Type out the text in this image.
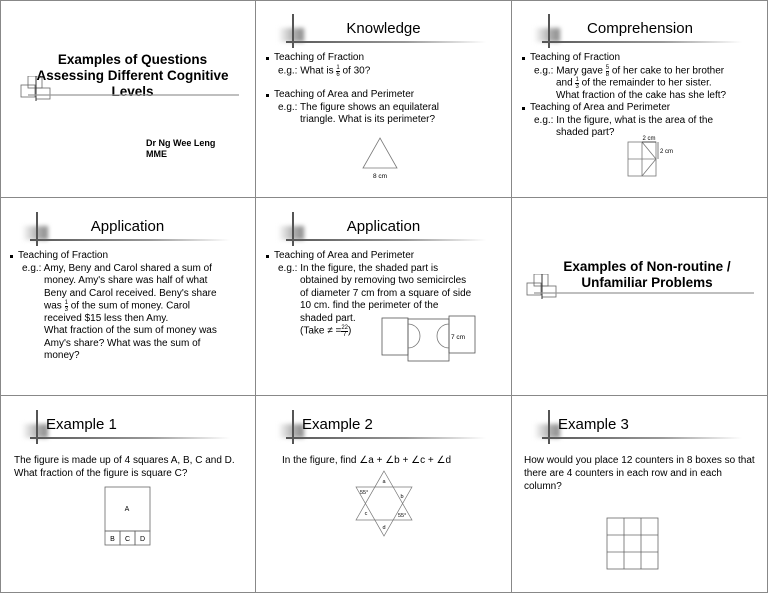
Examples of Questions
Assessing Different Cognitive
Levels
Dr Ng Wee Leng
MME
Knowledge
Teaching of Fraction
e.g.: What is $\frac{1}{6}$ of 30?
Teaching of Area and Perimeter
e.g.: The figure shows an equilateral
triangle. What is its perimeter?
8 cm
Comprehension
Teaching of Fraction
e.g.: Mary gave $\frac{5}{8}$ of her cake to her brother
and $\frac{1}{3}$ of the remainder to her sister.
What fraction of the cake has she left?
Teaching of Area and Perimeter
e.g.: In the figure, what is the area of the
shaded part?
2 cm
2 cm
Application
Teaching of Fraction
e.g.: Amy, Beny and Carol shared a sum of
money. Amy's share was half of what
Beny and Carol received. Beny's share
was $\frac{1}{3}$ of the sum of money. Carol
received $15 less then Amy.
What fraction of the sum of money was
Amy's share? What was the sum of
money?
Application
Teaching of Area and Perimeter
e.g.: In the figure, the shaded part is
obtained by removing two semicircles
of diameter 7 cm from a square of side
10 cm. find the perimeter of the
shaded part.
(Take ≠ = $\frac{22}{7}$ )
7 cm
Examples of Non-routine /
Unfamiliar Problems
Example 1
The figure is made up of 4 squares A, B, C and D. What fraction of the figure is square C?
A
B C D
Example 2
In the figure, find ∠a + ∠b + ∠c + ∠d
a
b
c
d
55°
55°
Example 3
How would you place 12 counters in 8 boxes so that there are 4 counters in each row and in each column?
